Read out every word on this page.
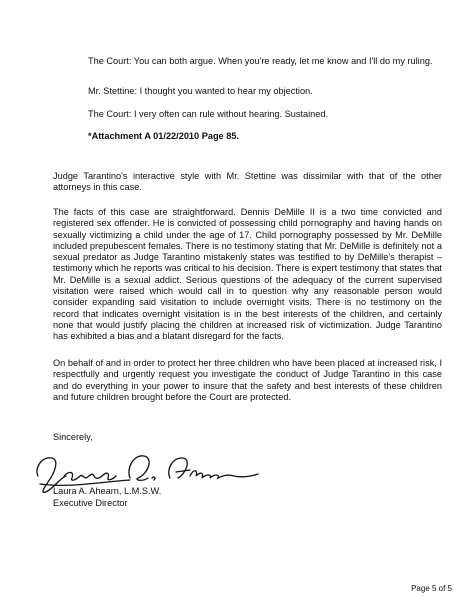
The Court: You can both argue. When you're ready, let me know and I'll do my ruling.

Mr. Stettine: I thought you wanted to hear my objection.

The Court: I very often can rule without hearing. Sustained.

*Attachment A 01/22/2010 Page 85.

Judge Tarantino's interactive style with Mr. Stettine was dissimilar with that of the other attorneys in this case.

The facts of this case are straightforward. Dennis DeMille II is a two time convicted and registered sex offender. He is convicted of possessing child pornography and having hands on sexually victimizing a child under the age of 17. Child pornography possessed by Mr. DeMille included prepubescent females. There is no testimony stating that Mr. DeMille is definitely not a sexual predator as Judge Tarantino mistakenly states was testified to by DeMille's therapist – testimony which he reports was critical to his decision. There is expert testimony that states that Mr. DeMille is a sexual addict. Serious questions of the adequacy of the current supervised visitation were raised which would call in to question why any reasonable person would consider expanding said visitation to include overnight visits. There is no testimony on the record that indicates overnight visitation is in the best interests of the children, and certainly none that would justify placing the children at increased risk of victimization. Judge Tarantino has exhibited a bias and a blatant disregard for the facts.

On behalf of and in order to protect her three children who have been placed at increased risk, I respectfully and urgently request you investigate the conduct of Judge Tarantino in this case and do everything in your power to insure that the safety and best interests of these children and future children brought before the Court are protected.

Sincerely,

Laura A. Ahearn, L.M.S.W.

Executive Director

Page 5 of 5
